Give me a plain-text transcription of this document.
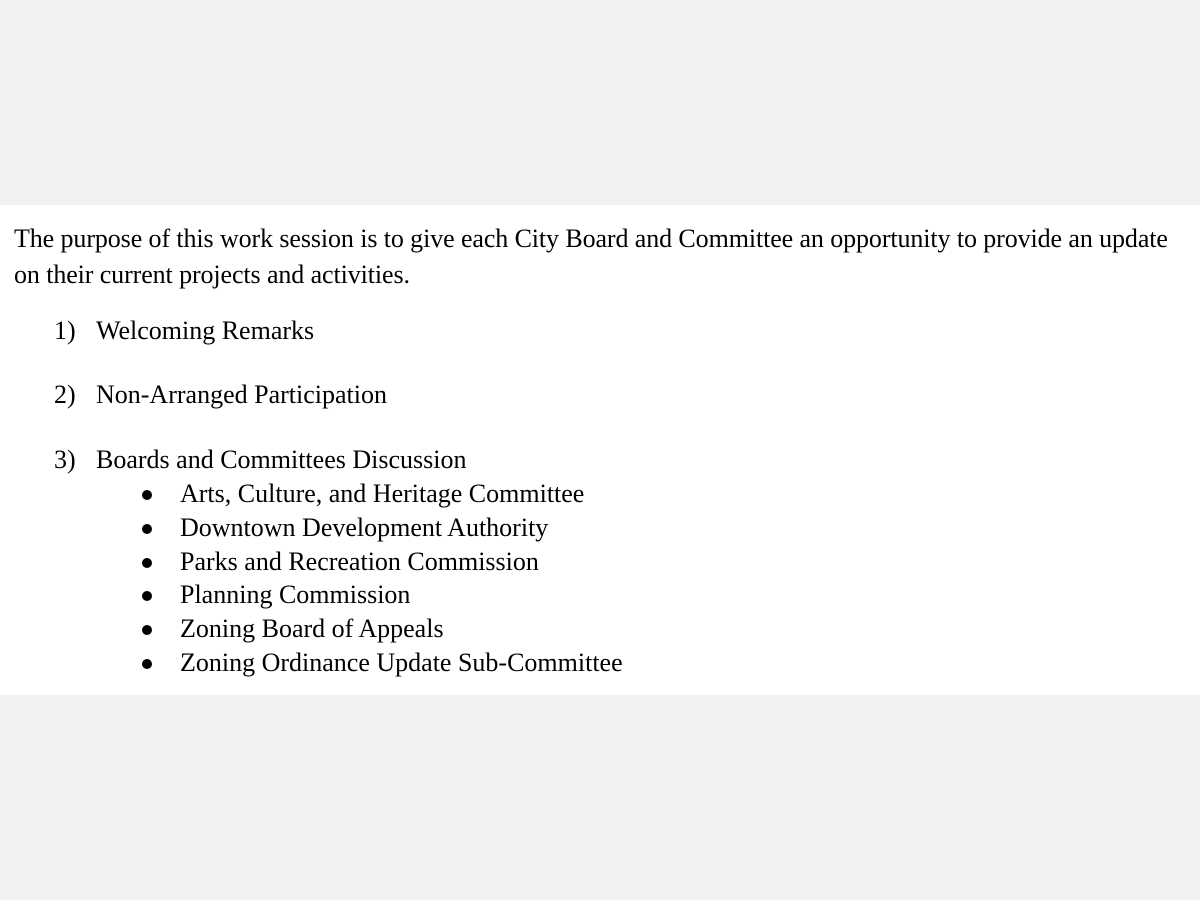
The purpose of this work session is to give each City Board and Committee an opportunity to provide an update on their current projects and activities.

1) Welcoming Remarks
2) Non-Arranged Participation
3) Boards and Committees Discussion
Arts, Culture, and Heritage Committee
Downtown Development Authority
Parks and Recreation Commission
Planning Commission
Zoning Board of Appeals
Zoning Ordinance Update Sub-Committee
